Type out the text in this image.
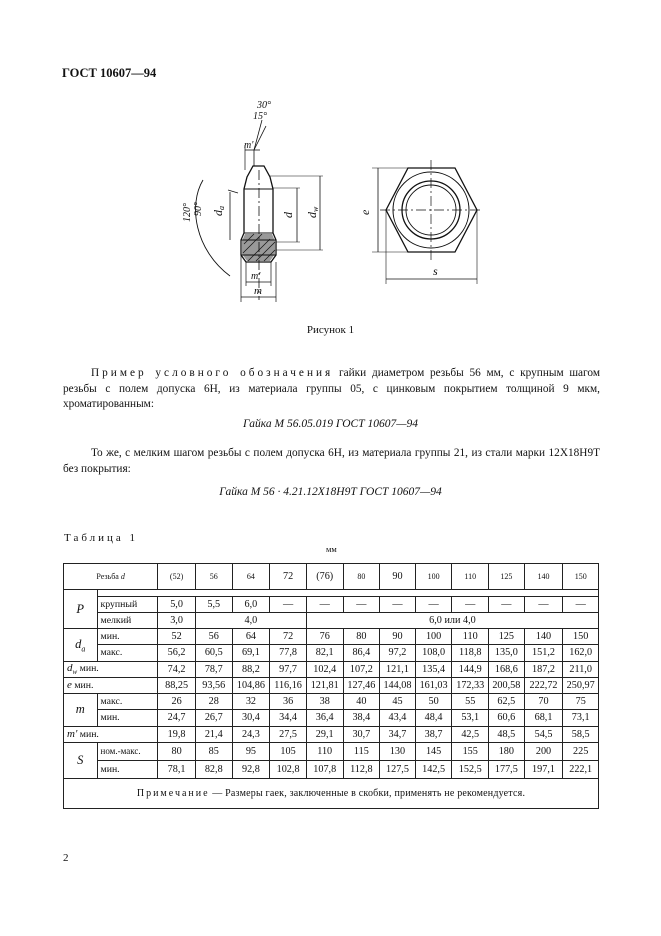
ГОСТ 10607—94
30°
15°
m'
120° 90° da
d dw
m'
m
e
s
Рисунок 1
Пример условного обозначения гайки диаметром резьбы 56 мм, с крупным шагом резьбы с полем допуска 6Н, из материала группы 05, с цинковым покрытием толщиной 9 мкм, хроматированным:
Гайка М 56.05.019 ГОСТ 10607—94
То же, с мелким шагом резьбы с полем допуска 6Н, из материала группы 21, из стали марки 12Х18Н9Т без покрытия:
Гайка М 56 · 4.21.12Х18Н9Т ГОСТ 10607—94
Таблица 1
мм
Резьба d		(52)	56	64	72	(76)	80	90	100	110	125	140	150
P													
	крупный	5,0	5,5	6,0	—	—	—	—	—	—	—	—	—
	мелкий	3,0	4,0			6,0 или 4,0							
$d_a$	мин.	52	56	64	72	76	80	90	100	110	125	140	150
	макс.	56,2	60,5	69,1	77,8	82,1	86,4	97,2	108,0	118,8	135,0	151,2	162,0
$d_w$ мин.		74,2	78,7	88,2	97,7	102,4	107,2	121,1	135,4	144,9	168,6	187,2	211,0
e мин.		88,25	93,56	104,86	116,16	121,81	127,46	144,08	161,03	172,33	200,58	222,72	250,97
m	макс.	26	28	32	36	38	40	45	50	55	62,5	70	75
	мин.	24,7	26,7	30,4	34,4	36,4	38,4	43,4	48,4	53,1	60,6	68,1	73,1
m' мин.		19,8	21,4	24,3	27,5	29,1	30,7	34,7	38,7	42,5	48,5	54,5	58,5
S	ном.-макс.	80	85	95	105	110	115	130	145	155	180	200	225
	мин.	78,1	82,8	92,8	102,8	107,8	112,8	127,5	142,5	152,5	177,5	197,1	222,1
Примечание — Размеры гаек, заключенные в скобки, применять не рекомендуется.													
2
